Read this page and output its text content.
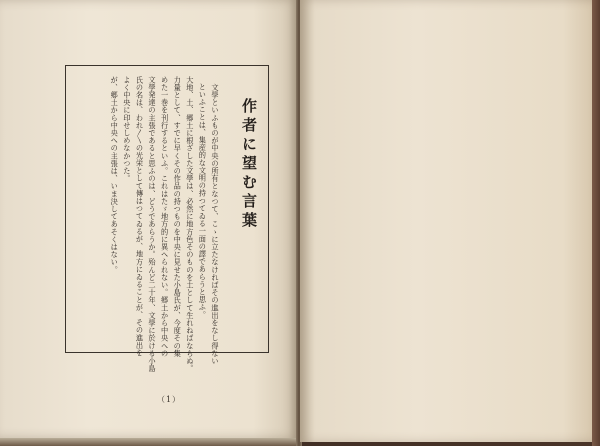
作者に望む言葉
　文學といふものが中央の所有となつて、こゝに立たなければその進出をなし得ない
といふことは、集産的な文明の持つてゐる一面の譯であらうと思ふ。
大地、土、郷土に根ざした文學は、必然に地方色そのものを土として生れねばならぬ。
力量として、すでに早くその作品の持つものを中央に見せた小島氏が、今度その集
めた一巻を刊行するといふ。これはたゞ地方的に異へられない。郷土から中央への
文學発達の主張であると思ふのは、どうであらうか。殆んど二十年、文學に於ける小島
氏の名は、われ〳〵の光栄として傳はつてゐるが、地方にゐることが、その進出を
よく中央に印せしめなかつた。
が、郷土から中央への主張は、いま決してあそくはない。
（1）
